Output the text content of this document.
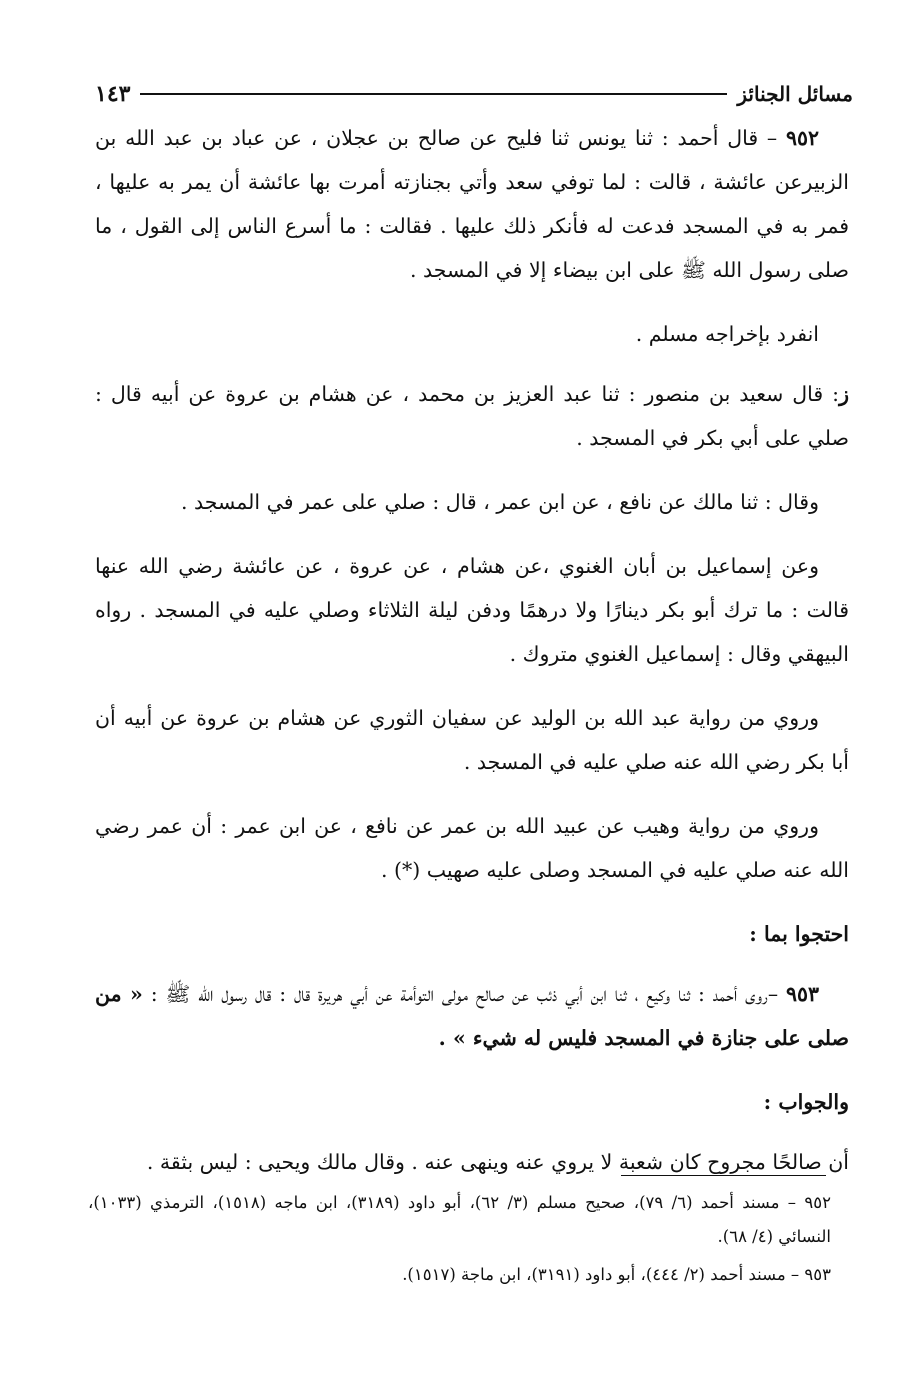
مسائل الجنائز
١٤٣

٩٥٢ – قال أحمد : ثنا يونس ثنا فليح عن صالح بن عجلان ، عن عباد بن عبد الله بن الزبيرعن عائشة ، قالت : لما توفي سعد وأتي بجنازته أمرت بها عائشة أن يمر به عليها ، فمر به في المسجد فدعت له فأنكر ذلك عليها . فقالت : ما أسرع الناس إلى القول ، ما صلى رسول الله ﷺ على ابن بيضاء إلا في المسجد .

انفرد بإخراجه مسلم .

ز: قال سعيد بن منصور : ثنا عبد العزيز بن محمد ، عن هشام بن عروة عن أبيه قال : صلي على أبي بكر في المسجد .

وقال : ثنا مالك عن نافع ، عن ابن عمر ، قال : صلي على عمر في المسجد .

وعن إسماعيل بن أبان الغنوي ،عن هشام ، عن عروة ، عن عائشة رضي الله عنها قالت : ما ترك أبو بكر دينارًا ولا درهمًا ودفن ليلة الثلاثاء وصلي عليه في المسجد . رواه البيهقي وقال : إسماعيل الغنوي متروك .

وروي من رواية عبد الله بن الوليد عن سفيان الثوري عن هشام بن عروة عن أبيه أن أبا بكر رضي الله عنه صلي عليه في المسجد .

وروي من رواية وهيب عن عبيد الله بن عمر عن نافع ، عن ابن عمر : أن عمر رضي الله عنه صلي عليه في المسجد وصلى عليه صهيب (*) .

احتجوا بما :

٩٥٣ –روى أحمد : ثنا وكيع ، ثنا ابن أبي ذئب عن صالح مولى التوأمة عن أبي هريرة قال : قال رسول الله ﷺ : « من صلى على جنازة في المسجد فليس له شيء » .

والجواب :

أن صالحًا مجروح كان شعبة لا يروي عنه وينهى عنه . وقال مالك ويحيى : ليس بثقة .

٩٥٢ – مسند أحمد (٦/ ٧٩)، صحيح مسلم (٣/ ٦٢)، أبو داود (٣١٨٩)، ابن ماجه (١٥١٨)، الترمذي (١٠٣٣)، النسائي (٤/ ٦٨).

٩٥٣ – مسند أحمد (٢/ ٤٤٤)، أبو داود (٣١٩١)، ابن ماجة (١٥١٧).
